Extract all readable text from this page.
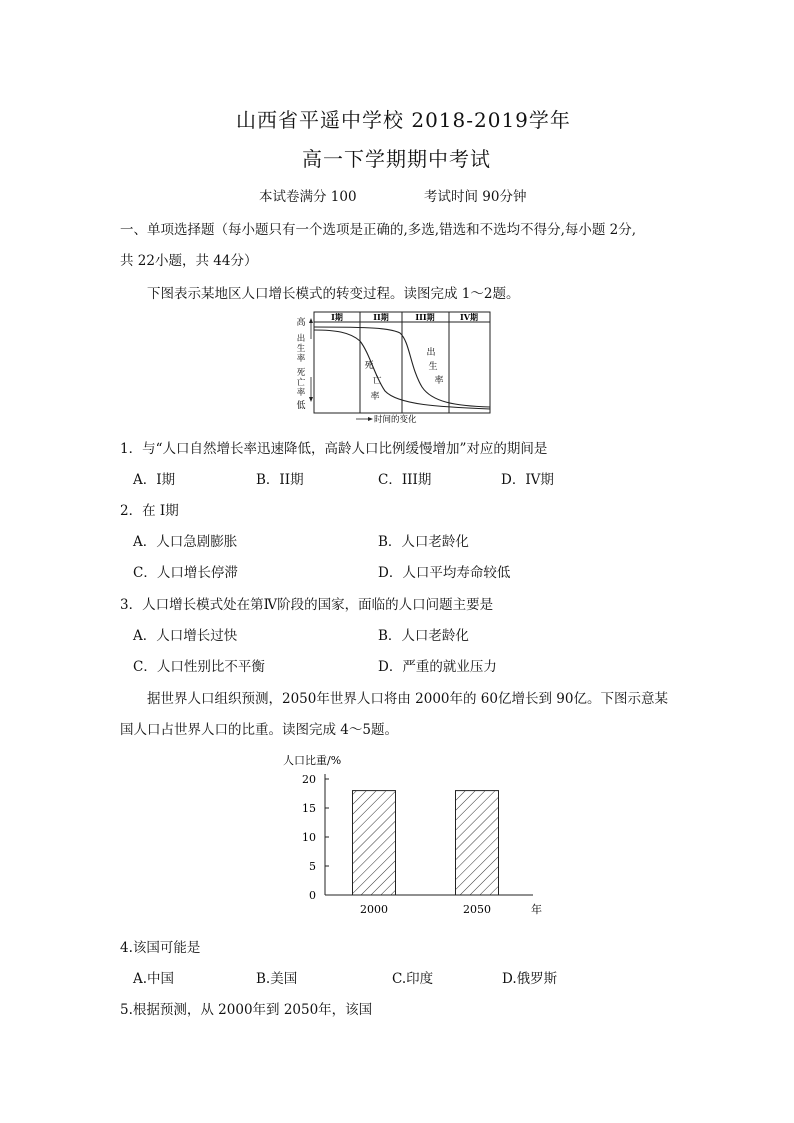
山西省平遥中学校 2018-2019学年
高一下学期期中考试
本试卷满分 100	考试时间 90分钟
一、单项选择题（每小题只有一个选项是正确的,多选,错选和不选均不得分,每小题 2分,
共 22小题，共 44分）
下图表示某地区人口增长模式的转变过程。读图完成 1～2题。
I期	II期	III期	IV期
高
出
生
率
死
亡
率
低
死
亡
率
出
生
率
时间的变化
1．与“人口自然增长率迅速降低，高龄人口比例缓慢增加”对应的期间是
A．I期	B．II期	C．III期	D．IV期
2．在 I期
A．人口急剧膨胀	B．人口老龄化
C．人口增长停滞	D．人口平均寿命较低
3．人口增长模式处在第Ⅳ阶段的国家，面临的人口问题主要是
A．人口增长过快	B．人口老龄化
C．人口性别比不平衡	D．严重的就业压力
据世界人口组织预测，2050年世界人口将由 2000年的 60亿增长到 90亿。下图示意某
国人口占世界人口的比重。读图完成 4～5题。
人口比重/%
0
5
10
15
20
2000	2050	年
4.该国可能是
A.中国	B.美国	C.印度	D.俄罗斯
5.根据预测，从 2000年到 2050年，该国
